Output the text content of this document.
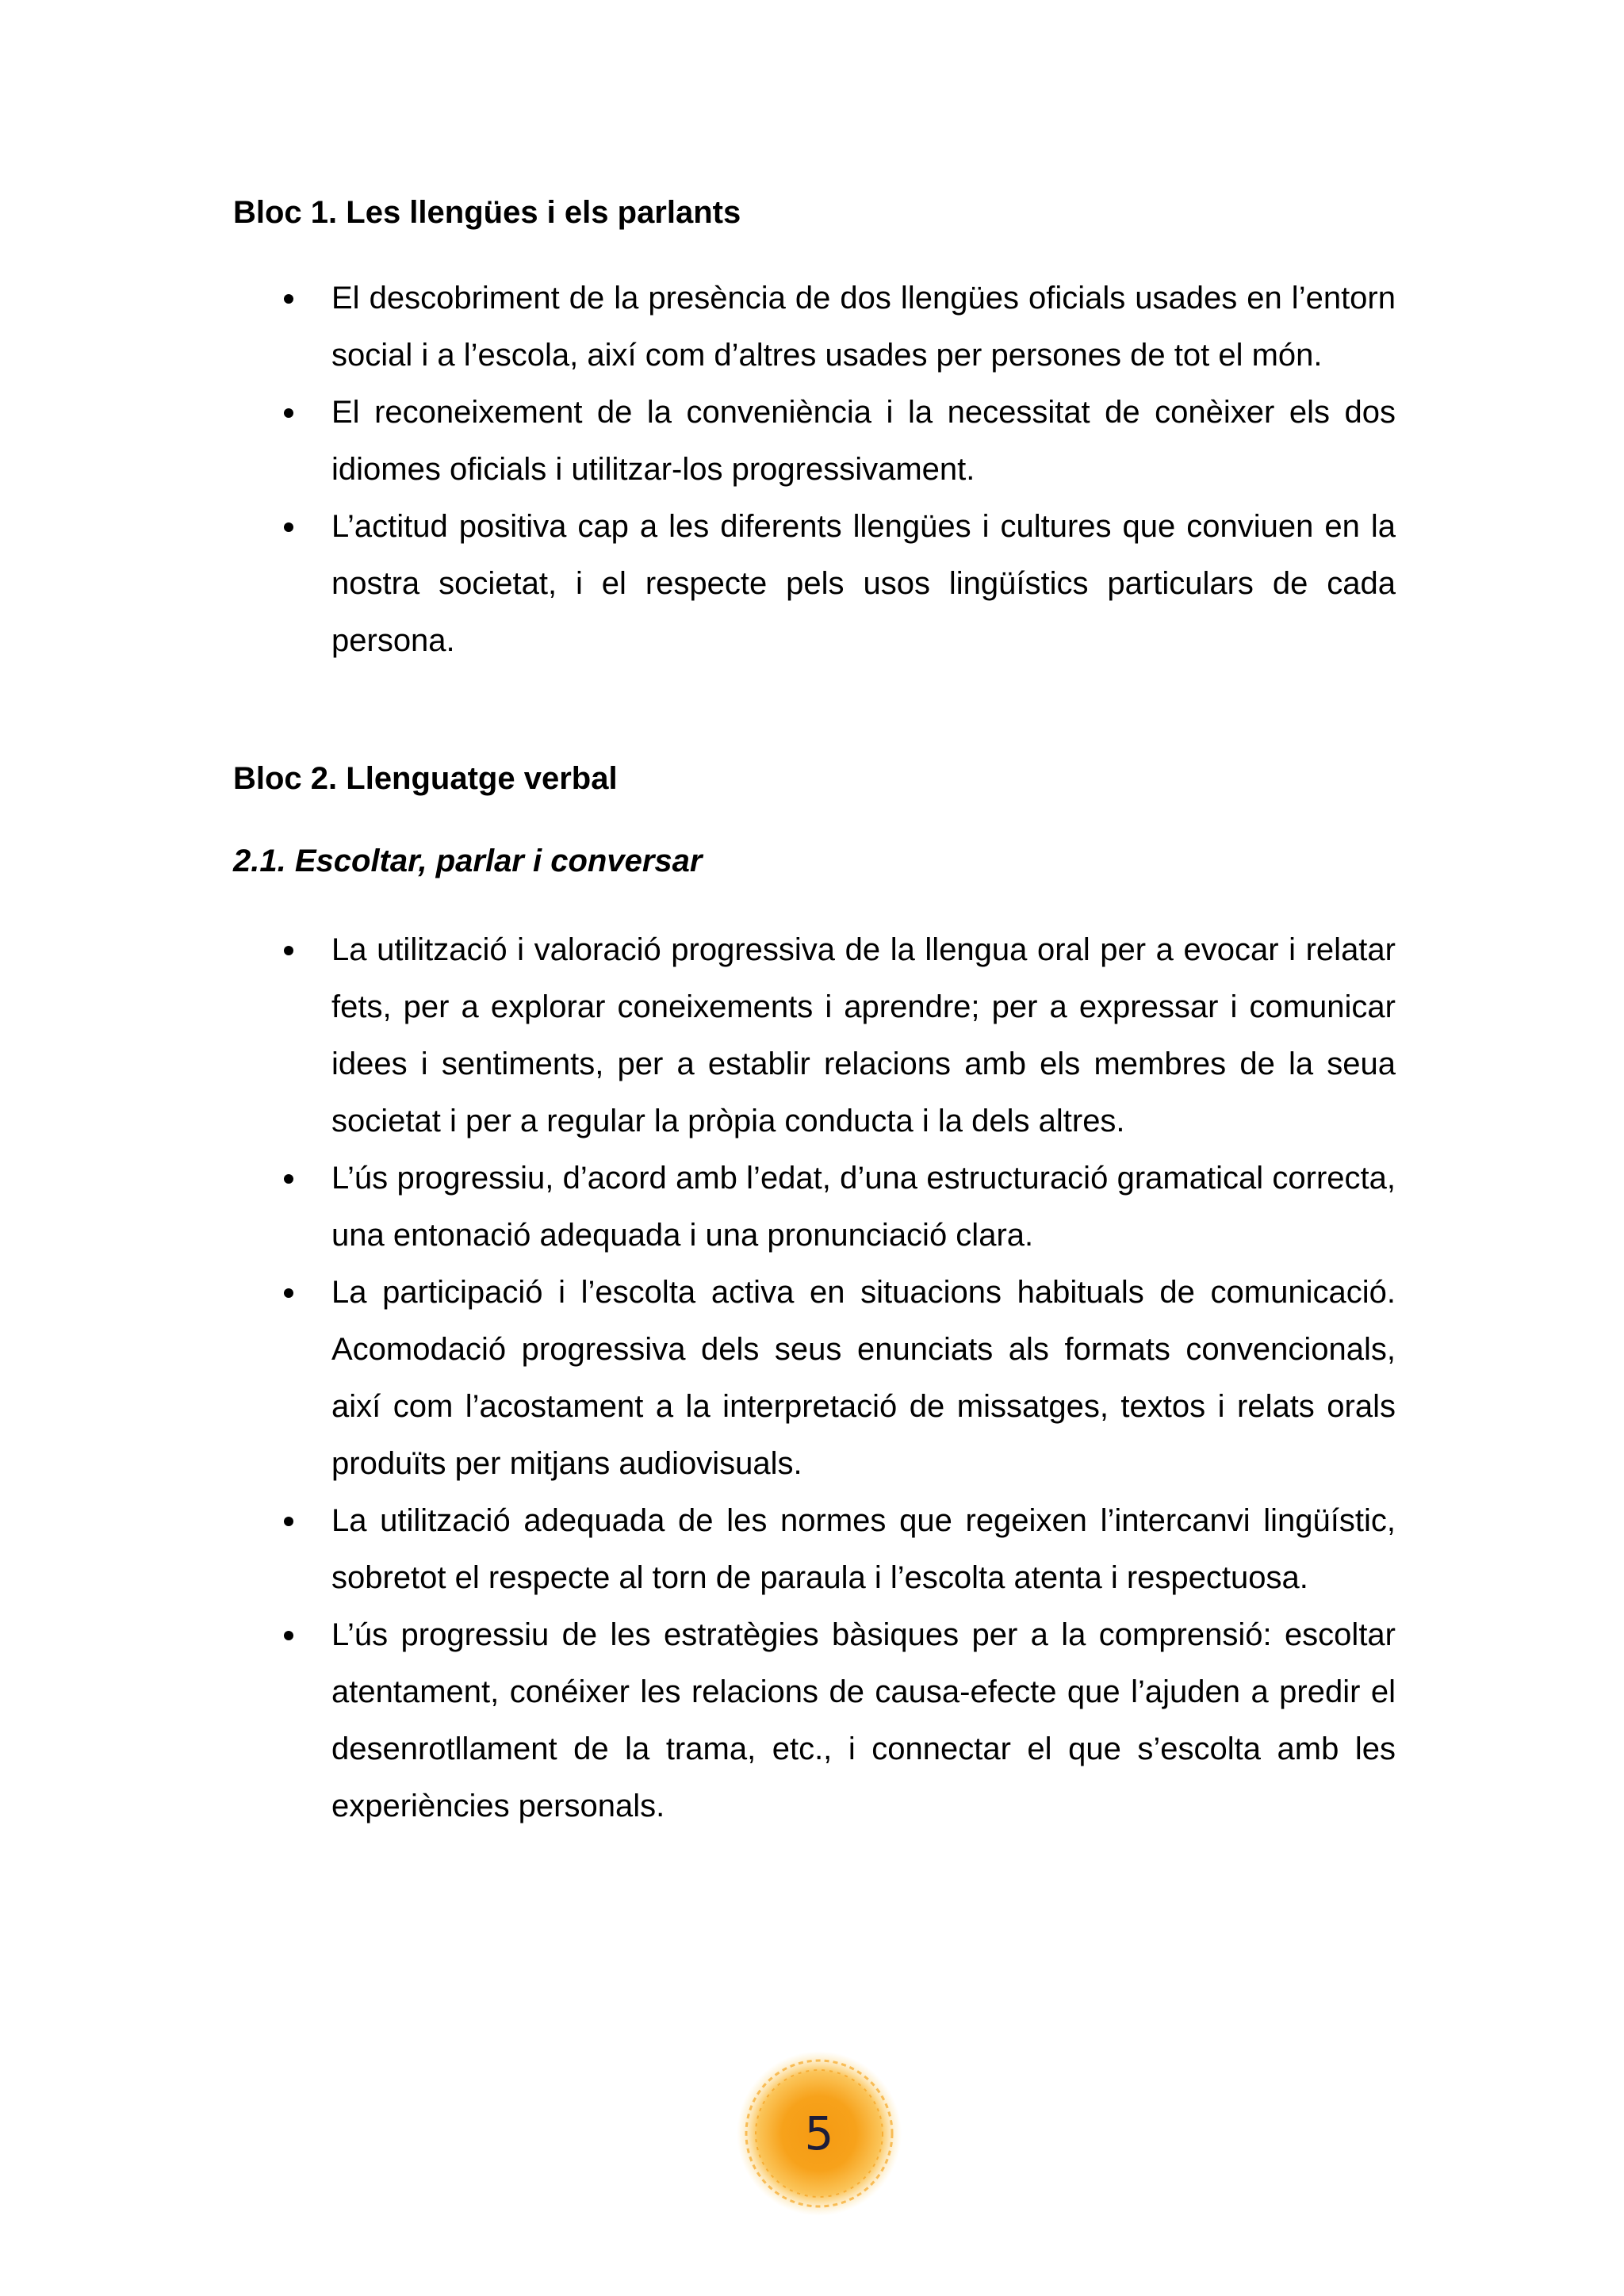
Bloc 1. Les llengües i els parlants
El descobriment de la presència de dos llengües oficials usades en l’entorn social i a l’escola, així com d’altres usades per persones de tot el món.
El reconeixement de la conveniència i la necessitat de conèixer els dos idiomes oficials i utilitzar-los progressivament.
L’actitud positiva cap a les diferents llengües i cultures que conviuen en la nostra societat, i el respecte pels usos lingüístics particulars de cada persona.
Bloc 2. Llenguatge verbal
2.1. Escoltar, parlar i conversar
La utilització i valoració progressiva de la llengua oral per a evocar i relatar fets, per a explorar coneixements i aprendre; per a expressar i comunicar idees i sentiments, per a establir relacions amb els membres de la seua societat i per a regular la pròpia conducta i la dels altres.
L’ús progressiu, d’acord amb l’edat, d’una estructuració gramatical correcta, una entonació adequada i una pronunciació clara.
La participació i l’escolta activa en situacions habituals de comunicació. Acomodació progressiva dels seus enunciats als formats convencionals, així com l’acostament a la interpretació de missatges, textos i relats orals produïts per mitjans audiovisuals.
La utilització adequada de les normes que regeixen l’intercanvi lingüístic, sobretot el respecte al torn de paraula i l’escolta atenta i respectuosa.
L’ús progressiu de les estratègies bàsiques per a la comprensió: escoltar atentament, conéixer les relacions de causa-efecte que l’ajuden a predir el desenrotllament de la trama, etc., i connectar el que s’escolta amb les experiències personals.
5
